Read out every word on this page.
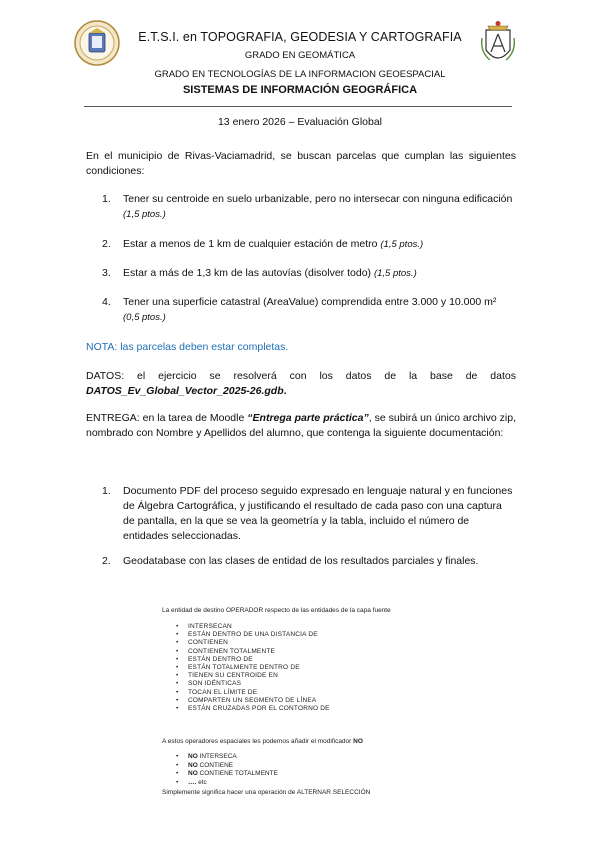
E.T.S.I. en TOPOGRAFIA, GEODESIA Y CARTOGRAFIA
GRADO EN GEOMÁTICA
GRADO EN TECNOLOGÍAS DE LA INFORMACION GEOESPACIAL
SISTEMAS DE INFORMACIÓN GEOGRÁFICA
13 enero 2026 – Evaluación Global
En el municipio de Rivas-Vaciamadrid, se buscan parcelas que cumplan las siguientes condiciones:
1. Tener su centroide en suelo urbanizable, pero no intersecar con ninguna edificación (1,5 ptos.)
2. Estar a menos de 1 km de cualquier estación de metro (1,5 ptos.)
3. Estar a más de 1,3 km de las autovías (disolver todo) (1,5 ptos.)
4. Tener una superficie catastral (AreaValue) comprendida entre 3.000 y 10.000 m²
(0,5 ptos.)
NOTA: las parcelas deben estar completas.
DATOS: el ejercicio se resolverá con los datos de la base de datos DATOS_Ev_Global_Vector_2025-26.gdb.
ENTREGA: en la tarea de Moodle “Entrega parte práctica”, se subirá un único archivo zip, nombrado con Nombre y Apellidos del alumno, que contenga la siguiente documentación:
1. Documento PDF del proceso seguido expresado en lenguaje natural y en funciones de Álgebra Cartográfica, y justificando el resultado de cada paso con una captura de pantalla, en la que se vea la geometría y la tabla, incluido el número de entidades seleccionadas.
2. Geodatabase con las clases de entidad de los resultados parciales y finales.
La entidad de destino OPERADOR respecto de las entidades de la capa fuente
• INTERSECAN
• ESTÁN DENTRO DE UNA DISTANCIA DE
• CONTIENEN
• CONTIENEN TOTALMENTE
• ESTÁN DENTRO DE
• ESTÁN TOTALMENTE DENTRO DE
• TIENEN SU CENTROIDE EN
• SON IDÉNTICAS
• TOCAN EL LÍMITE DE
• COMPARTEN UN SEGMENTO DE LÍNEA
• ESTÁN CRUZADAS POR EL CONTORNO DE
A estos operadores espaciales les podemos añadir el modificador NO
• NO INTERSECA
• NO CONTIENE
• NO CONTIENE TOTALMENTE
• …. etc
Simplemente significa hacer una operación de ALTERNAR SELECCIÓN
